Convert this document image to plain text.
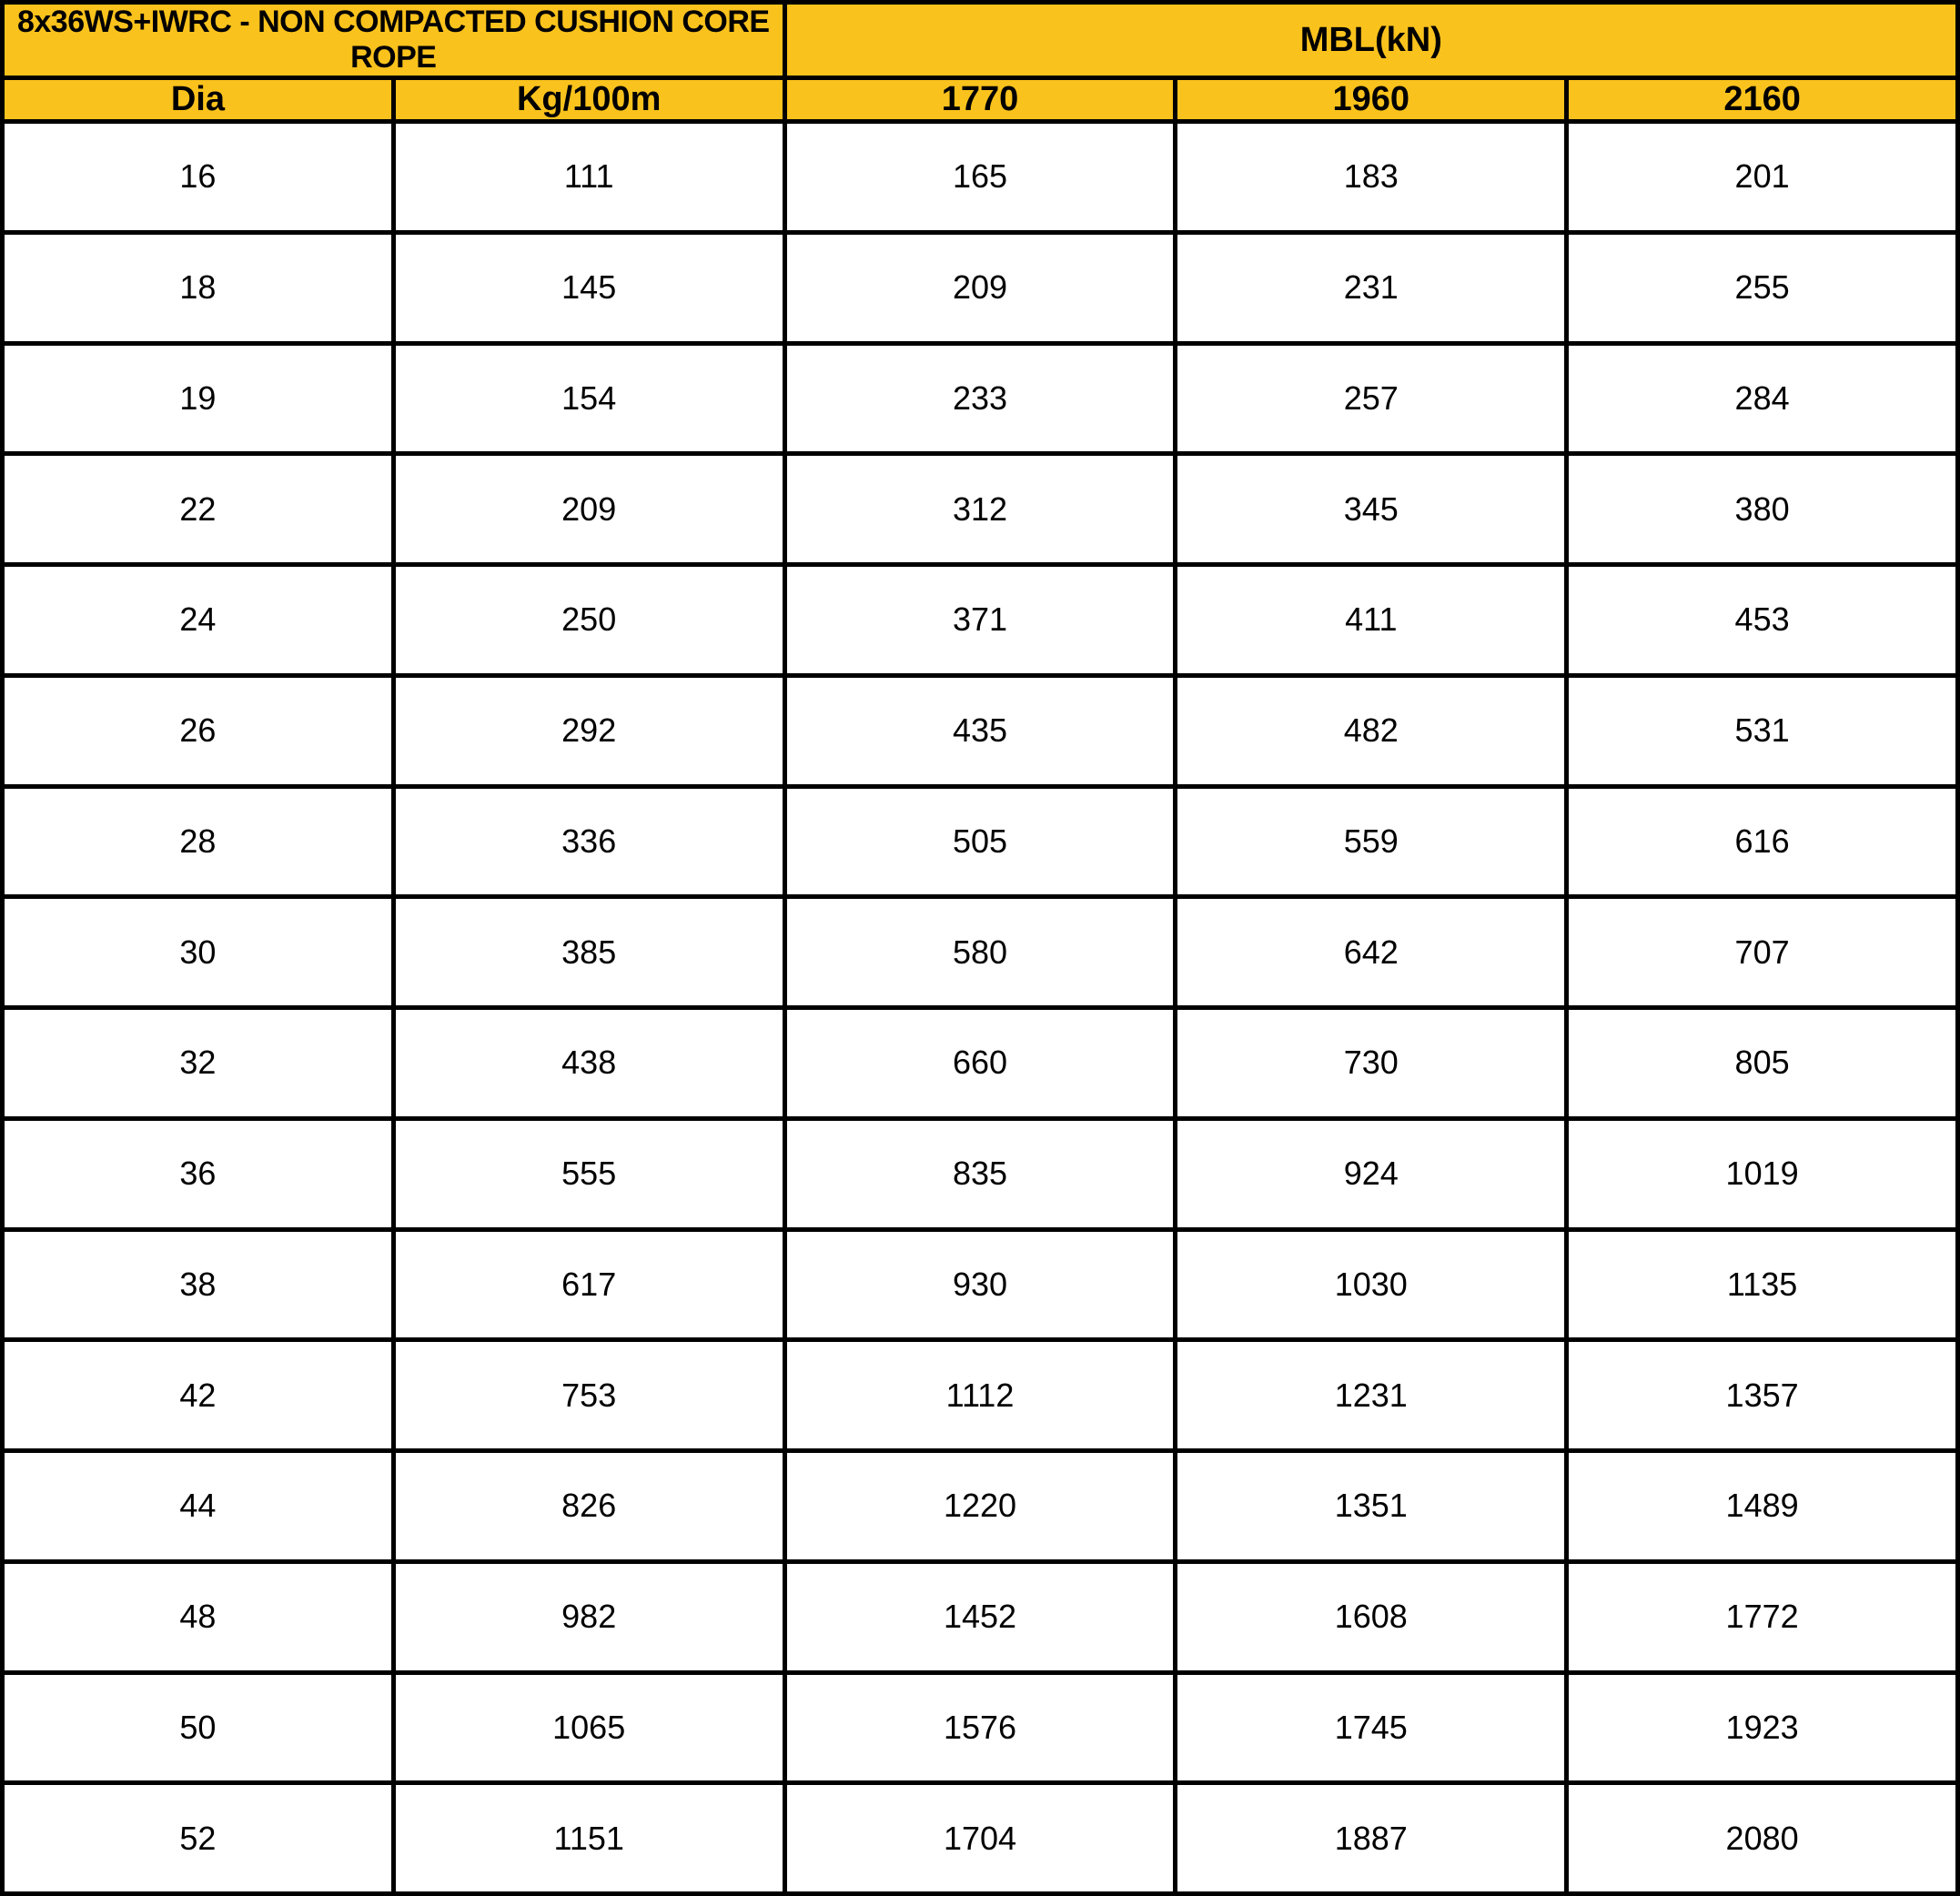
8x36WS+IWRC - NON COMPACTED CUSHION CORE ROPE		MBL(kN)		
Dia	Kg/100m	1770	1960	2160
16	111	165	183	201
18	145	209	231	255
19	154	233	257	284
22	209	312	345	380
24	250	371	411	453
26	292	435	482	531
28	336	505	559	616
30	385	580	642	707
32	438	660	730	805
36	555	835	924	1019
38	617	930	1030	1135
42	753	1112	1231	1357
44	826	1220	1351	1489
48	982	1452	1608	1772
50	1065	1576	1745	1923
52	1151	1704	1887	2080
